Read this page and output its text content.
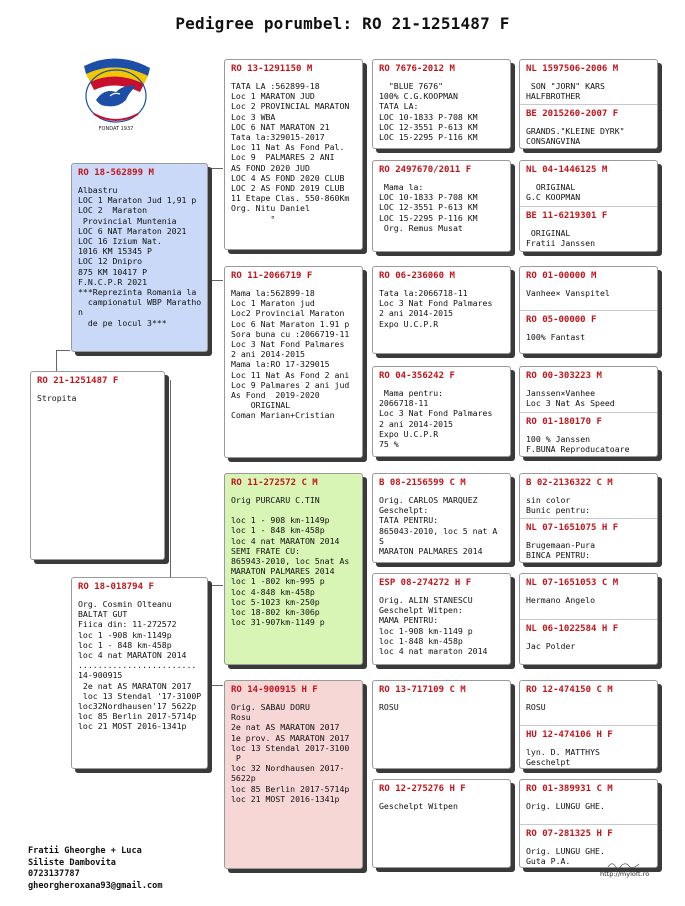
Pedigree porumbel: RO 21-1251487 F
FONDAT 1937
RO 21-1251487 F
Stropita
RO 18-562899 M
Albastru
LOC 1 Maraton Jud 1,91 p
LOC 2  Maraton
Provincial Muntenia
LOC 6 NAT Maraton 2021
LOC 16 Izium Nat.
1016 KM 15345 P
LOC 12 Dnipro
875 KM 10417 P
F.N.C.P.R 2021
***Reprezinta Romania la
campionatul WBP Maratho
n
de pe locul 3***
RO 18-018794 F
Org. Cosmin Olteanu
BALTAT GUT
Fiica din: 11-272572
loc 1 -908 km-1149p
loc 1 - 848 km-458p
loc 4 nat MARATON 2014
........................
14-900915
2e nat AS MARATON 2017
loc 13 Stendal '17-3100P
loc32Nordhausen'17 5622p
loc 85 Berlin 2017-5714p
loc 21 MOST 2016-1341p
RO 13-1291150 M
TATA LA :562899-18
Loc 1 MARATON JUD
Loc 2 PROVINCIAL MARATON
Loc 3 WBA
LOC 6 NAT MARATON 21
Tata la:329015-2017
Loc 11 Nat As Fond Pal.
Loc 9  PALMARES 2 ANI
AS FOND 2020 JUD
LOC 4 AS FOND 2020 CLUB
LOC 2 AS FOND 2019 CLUB
11 Etape Clas. 550-860Km
Org. Nitu Daniel
°
RO 11-2066719 F
Mama la:562899-18
Loc 1 Maraton jud
Loc2 Provincial Maraton
Loc 6 Nat Maraton 1.91 p
Sora buna cu :2066719-11
Loc 3 Nat Fond Palmares
2 ani 2014-2015
Mama la:RO 17-329015
Loc 11 Nat As Fond 2 ani
Loc 9 Palmares 2 ani jud
As Fond  2019-2020
ORIGINAL
Coman Marian+Cristian
RO 11-272572 C M
Orig PURCARU C.TIN
loc 1 - 908 km-1149p
loc 1 - 848 km-458p
loc 4 nat MARATON 2014
SEMI FRATE CU:
865943-2010, loc 5nat As
MARATON PALMARES 2014
loc 1 -802 km-995 p
loc 4-848 km-458p
loc 5-1023 km-250p
loc 18-802 km-306p
loc 31-907km-1149 p
RO 14-900915 H F
Orig. SABAU DORU
Rosu
2e nat AS MARATON 2017
1e prov. AS MARATON 2017
loc 13 Stendal 2017-3100
P
loc 32 Nordhausen 2017-
5622p
loc 85 Berlin 2017-5714p
loc 21 MOST 2016-1341p
RO 7676-2012 M
"BLUE 7676"
100% C.G.KOOPMAN
TATA LA:
LOC 10-1833 P-708 KM
LOC 12-3551 P-613 KM
LOC 15-2295 P-116 KM
RO 2497670/2011 F
Mama la:
LOC 10-1833 P-708 KM
LOC 12-3551 P-613 KM
LOC 15-2295 P-116 KM
Org. Remus Musat
RO 06-236060 M
Tata la:2066718-11
Loc 3 Nat Fond Palmares
2 ani 2014-2015
Expo U.C.P.R
RO 04-356242 F
Mama pentru:
2066718-11
Loc 3 Nat Fond Palmares
2 ani 2014-2015
Expo U.C.P.R
75 %
B 08-2156599 C M
Orig. CARLOS MARQUEZ
Geschelpt:
TATA PENTRU:
865043-2010, loc 5 nat A
S
MARATON PALMARES 2014
ESP 08-274272 H F
Orig. ALIN STANESCU
Geschelpt Witpen:
MAMA PENTRU:
loc 1-908 km-1149 p
loc 1-848 km-458p
loc 4 nat maraton 2014
RO 13-717109 C M
ROSU
RO 12-275276 H F
Geschelpt Witpen
NL 1597506-2006 M
SON "JORN" KARS
HALFBROTHER
BE 2015260-2007 F
GRANDS."KLEINE DYRK"
CONSANGVINA
NL 04-1446125 M
ORIGINAL
G.C KOOPMAN
BE 11-6219301 F
ORIGINAL
Fratii Janssen
RO 01-00000 M
Vanhee× Vanspitel
RO 05-00000 F
100% Fantast
RO 00-303223 M
Janssen×Vanhee
Loc 3 Nat As Speed
RO 01-180170 F
100 % Janssen
F.BUNA Reproducatoare
B 02-2136322 C M
sin color
Bunic pentru:
NL 07-1651075 H F
Brugemaan-Pura
BINCA PENTRU:
NL 07-1651053 C M
Hermano Angelo
NL 06-1022584 H F
Jac Polder
RO 12-474150 C M
ROSU
HU 12-474106 H F
lyn. D. MATTHYS
Geschelpt
RO 01-389931 C M
Orig. LUNGU GHE.
RO 07-281325 H F
Orig. LUNGU GHE.
Guta P.A.
Fratii Gheorghe + Luca
Siliste Dambovita
0723137787
gheorgheroxana93@gmail.com
http://myloft.ro
